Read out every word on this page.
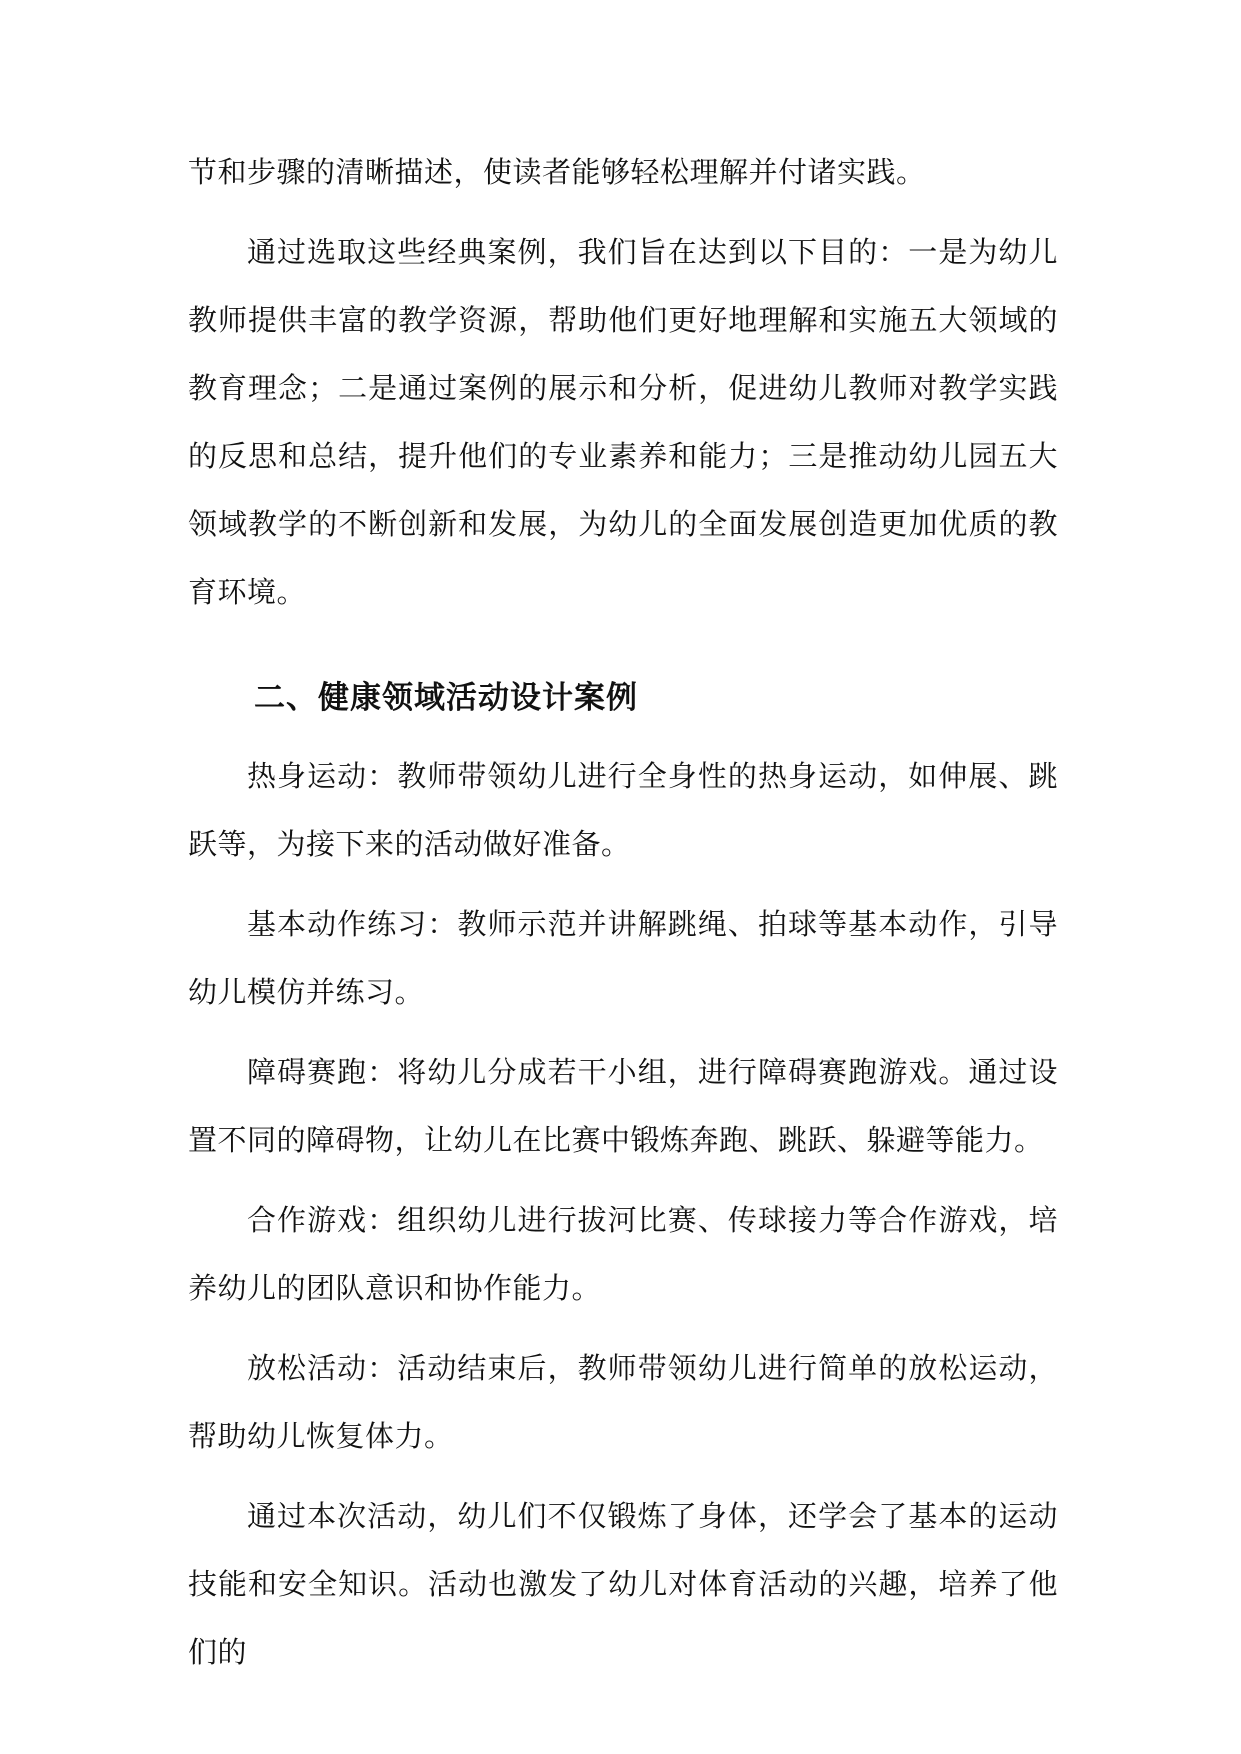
节和步骤的清晰描述，使读者能够轻松理解并付诸实践。

通过选取这些经典案例，我们旨在达到以下目的：一是为幼儿教师提供丰富的教学资源，帮助他们更好地理解和实施五大领域的教育理念；二是通过案例的展示和分析，促进幼儿教师对教学实践的反思和总结，提升他们的专业素养和能力；三是推动幼儿园五大领域教学的不断创新和发展，为幼儿的全面发展创造更加优质的教育环境。

二、健康领域活动设计案例

热身运动：教师带领幼儿进行全身性的热身运动，如伸展、跳跃等，为接下来的活动做好准备。

基本动作练习：教师示范并讲解跳绳、拍球等基本动作，引导幼儿模仿并练习。

障碍赛跑：将幼儿分成若干小组，进行障碍赛跑游戏。通过设置不同的障碍物，让幼儿在比赛中锻炼奔跑、跳跃、躲避等能力。

合作游戏：组织幼儿进行拔河比赛、传球接力等合作游戏，培养幼儿的团队意识和协作能力。

放松活动：活动结束后，教师带领幼儿进行简单的放松运动，帮助幼儿恢复体力。

通过本次活动，幼儿们不仅锻炼了身体，还学会了基本的运动技能和安全知识。活动也激发了幼儿对体育活动的兴趣，培养了他们的
